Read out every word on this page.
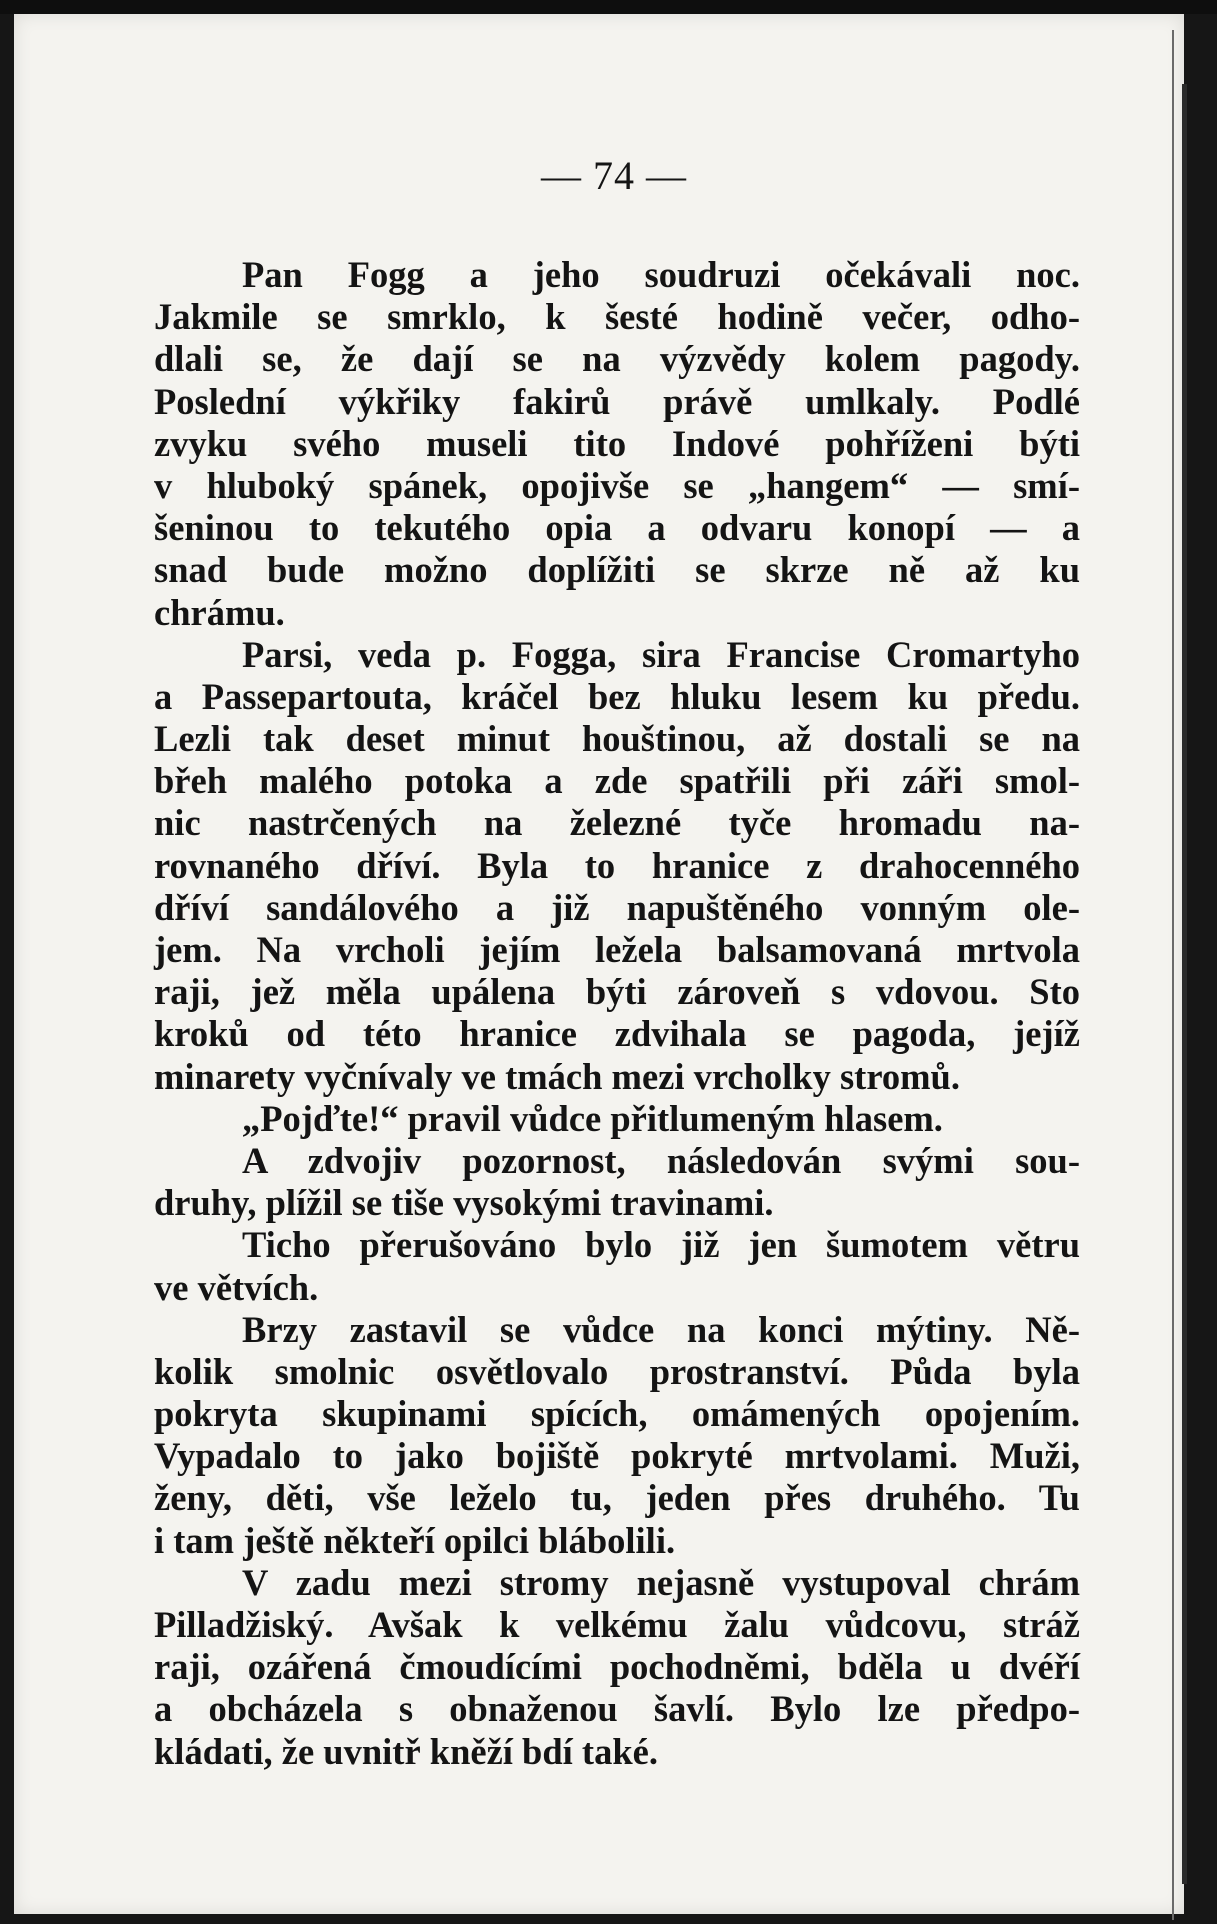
— 74 —
Pan Fogg a jeho soudruzi očekávali noc.
Jakmile se smrklo, k šesté hodině večer, odho-
dlali se, že dají se na výzvědy kolem pagody.
Poslední výkřiky fakirů právě umlkaly. Podlé
zvyku svého museli tito Indové pohříženi býti
v hluboký spánek, opojivše se „hangem“ — smí-
šeninou to tekutého opia a odvaru konopí — a
snad bude možno doplížiti se skrze ně až ku
chrámu.
Parsi, veda p. Fogga, sira Francise Cromartyho
a Passepartouta, kráčel bez hluku lesem ku předu.
Lezli tak deset minut houštinou, až dostali se na
břeh malého potoka a zde spatřili při záři smol-
nic nastrčených na železné tyče hromadu na-
rovnaného dříví. Byla to hranice z drahocenného
dříví sandálového a již napuštěného vonným ole-
jem. Na vrcholi jejím ležela balsamovaná mrtvola
raji, jež měla upálena býti zároveň s vdovou. Sto
kroků od této hranice zdvihala se pagoda, jejíž
minarety vyčnívaly ve tmách mezi vrcholky stromů.
„Pojďte!“ pravil vůdce přitlumeným hlasem.
A zdvojiv pozornost, následován svými sou-
druhy, plížil se tiše vysokými travinami.
Ticho přerušováno bylo již jen šumotem větru
ve větvích.
Brzy zastavil se vůdce na konci mýtiny. Ně-
kolik smolnic osvětlovalo prostranství. Půda byla
pokryta skupinami spících, omámených opojením.
Vypadalo to jako bojiště pokryté mrtvolami. Muži,
ženy, děti, vše leželo tu, jeden přes druhého. Tu
i tam ještě někteří opilci blábolili.
V zadu mezi stromy nejasně vystupoval chrám
Pilladžiský. Avšak k velkému žalu vůdcovu, stráž
raji, ozářená čmoudícími pochodněmi, bděla u dvéří
a obcházela s obnaženou šavlí. Bylo lze předpo-
kládati, že uvnitř kněží bdí také.
